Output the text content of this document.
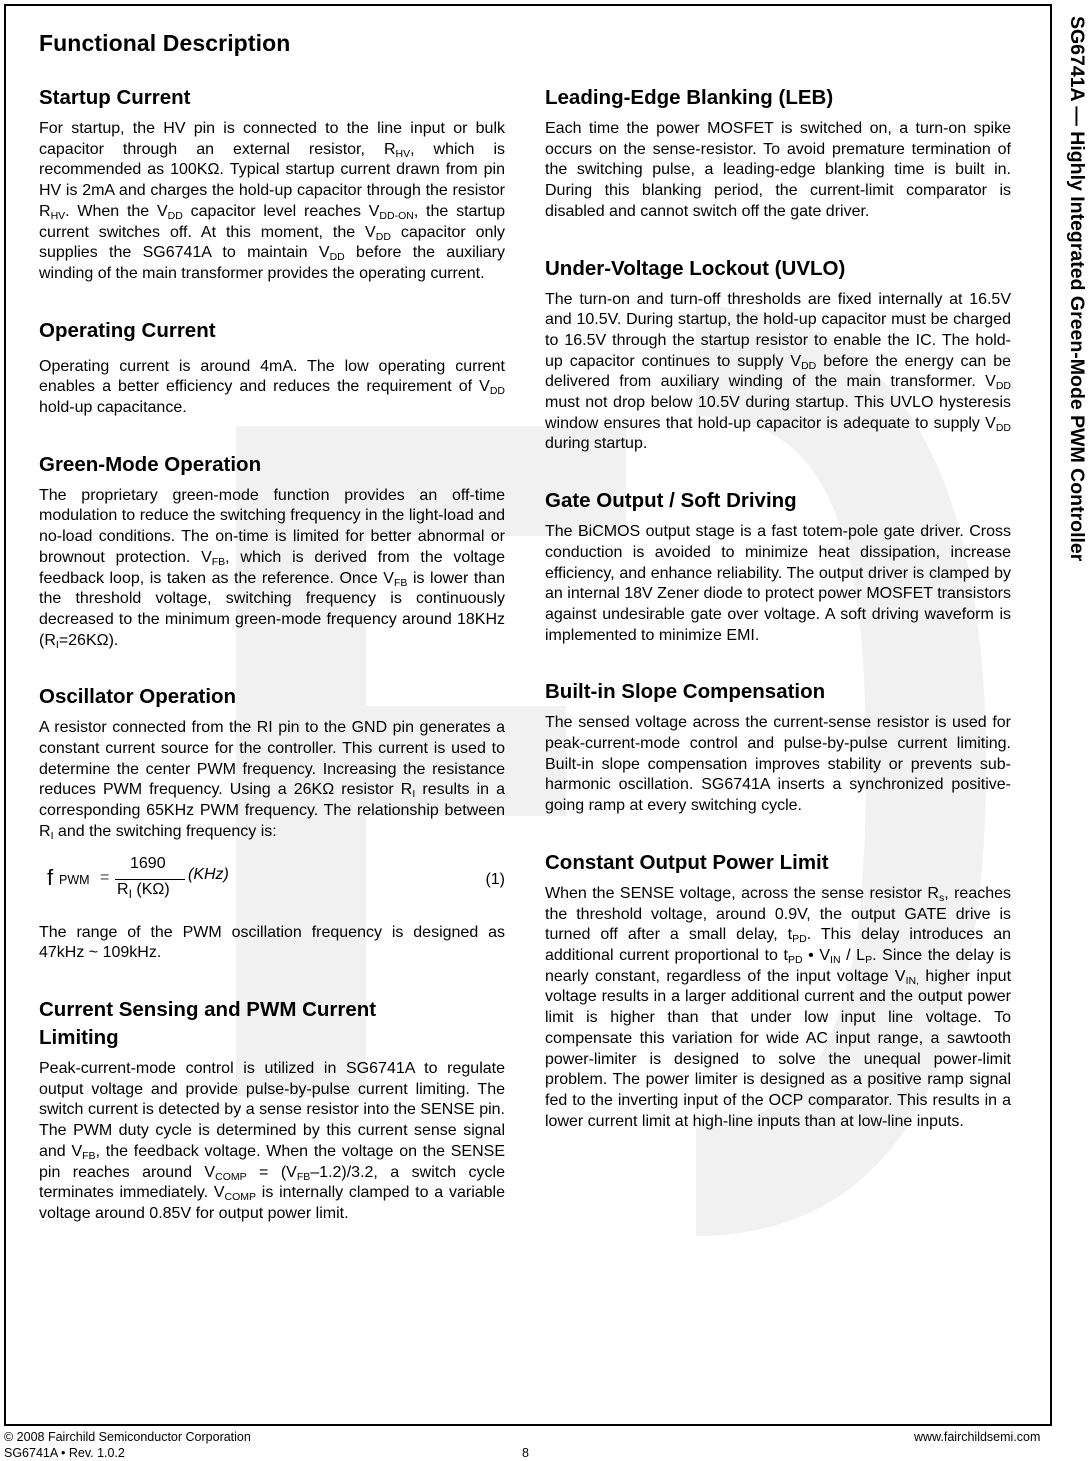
Functional Description
Startup Current

For startup, the HV pin is connected to the line input or bulk capacitor through an external resistor, $R_{HV}$, which is recommended as 100KΩ. Typical startup current drawn from pin HV is 2mA and charges the hold-up capacitor through the resistor $R_{HV}$. When the $V_{DD}$ capacitor level reaches $V_{DD-ON}$, the startup current switches off. At this moment, the $V_{DD}$ capacitor only supplies the SG6741A to maintain $V_{DD}$ before the auxiliary winding of the main transformer provides the operating current.

Operating Current

Operating current is around 4mA. The low operating current enables a better efficiency and reduces the requirement of $V_{DD}$ hold-up capacitance.

Green-Mode Operation

The proprietary green-mode function provides an off-time modulation to reduce the switching frequency in the light-load and no-load conditions. The on-time is limited for better abnormal or brownout protection. $V_{FB}$, which is derived from the voltage feedback loop, is taken as the reference. Once $V_{FB}$ is lower than the threshold voltage, switching frequency is continuously decreased to the minimum green-mode frequency around 18KHz $(R_I=26K\Omega)$.

Oscillator Operation

A resistor connected from the RI pin to the GND pin generates a constant current source for the controller. This current is used to determine the center PWM frequency. Increasing the resistance reduces PWM frequency. Using a 26KΩ resistor $R_I$ results in a corresponding 65KHz PWM frequency. The relationship between $R_I$ and the switching frequency is:

f PWM =
1690
$R_I$ (KΩ)
(KHz)	(1)

The range of the PWM oscillation frequency is designed as 47kHz ~ 109kHz.

Current Sensing and PWM Current Limiting

Peak-current-mode control is utilized in SG6741A to regulate output voltage and provide pulse-by-pulse current limiting. The switch current is detected by a sense resistor into the SENSE pin. The PWM duty cycle is determined by this current sense signal and $V_{FB}$, the feedback voltage. When the voltage on the SENSE pin reaches around $V_{COMP} = (V_{FB}-1.2)/3.2$, a switch cycle terminates immediately. $V_{COMP}$ is internally clamped to a variable voltage around 0.85V for output power limit.

Leading-Edge Blanking (LEB)

Each time the power MOSFET is switched on, a turn-on spike occurs on the sense-resistor. To avoid premature termination of the switching pulse, a leading-edge blanking time is built in. During this blanking period, the current-limit comparator is disabled and cannot switch off the gate driver.

Under-Voltage Lockout (UVLO)

The turn-on and turn-off thresholds are fixed internally at 16.5V and 10.5V. During startup, the hold-up capacitor must be charged to 16.5V through the startup resistor to enable the IC. The hold-up capacitor continues to supply $V_{DD}$ before the energy can be delivered from auxiliary winding of the main transformer. $V_{DD}$ must not drop below 10.5V during startup. This UVLO hysteresis window ensures that hold-up capacitor is adequate to supply $V_{DD}$ during startup.

Gate Output / Soft Driving

The BiCMOS output stage is a fast totem-pole gate driver. Cross conduction is avoided to minimize heat dissipation, increase efficiency, and enhance reliability. The output driver is clamped by an internal 18V Zener diode to protect power MOSFET transistors against undesirable gate over voltage. A soft driving waveform is implemented to minimize EMI.

Built-in Slope Compensation

The sensed voltage across the current-sense resistor is used for peak-current-mode control and pulse-by-pulse current limiting. Built-in slope compensation improves stability or prevents sub-harmonic oscillation. SG6741A inserts a synchronized positive-going ramp at every switching cycle.

Constant Output Power Limit

When the SENSE voltage, across the sense resistor $R_s$, reaches the threshold voltage, around 0.9V, the output GATE drive is turned off after a small delay, $t_{PD}$. This delay introduces an additional current proportional to $t_{PD}$ • $V_{IN} / L_P$. Since the delay is nearly constant, regardless of the input voltage $V_{IN,}$ higher input voltage results in a larger additional current and the output power limit is higher than that under low input line voltage. To compensate this variation for wide AC input range, a sawtooth power-limiter is designed to solve the unequal power-limit problem. The power limiter is designed as a positive ramp signal fed to the inverting input of the OCP comparator. This results in a lower current limit at high-line inputs than at low-line inputs.

SG6741A — Highly Integrated Green-Mode PWM Controller
© 2008 Fairchild Semiconductor Corporation
SG6741A • Rev. 1.0.2	8
www.fairchildsemi.com
